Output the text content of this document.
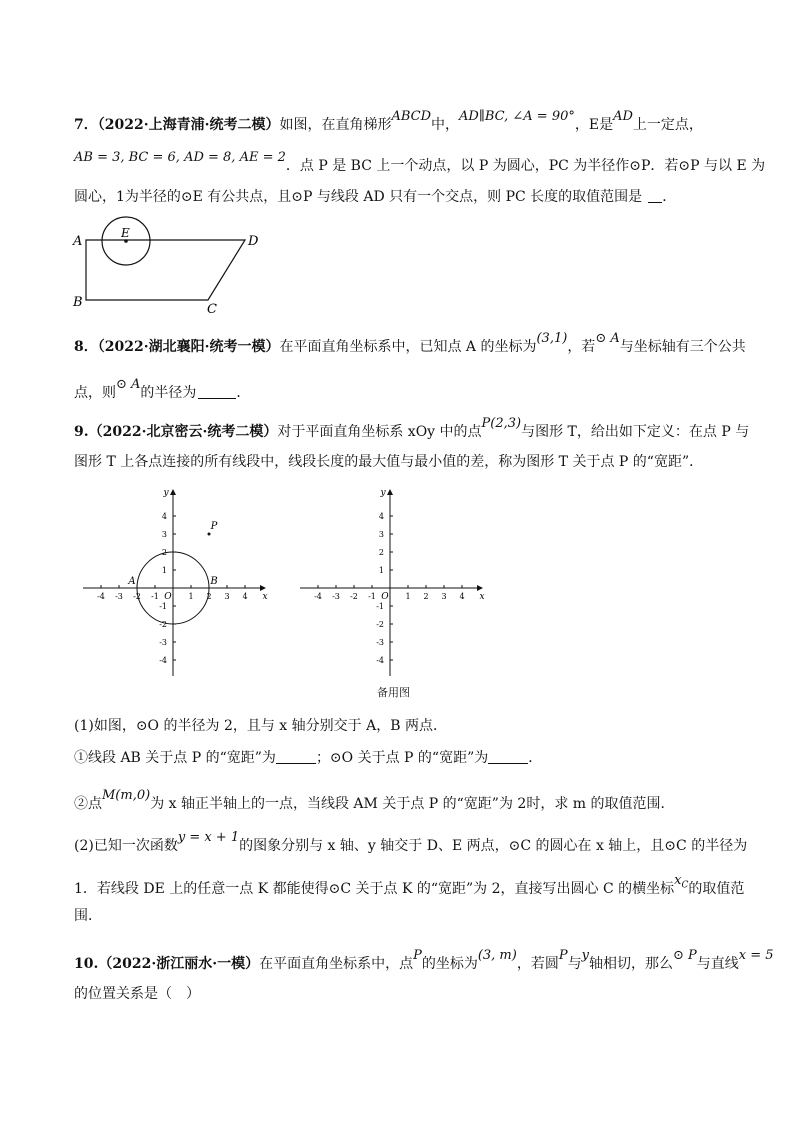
7．（2022·上海青浦·统考二模）如图，在直角梯形ABCD中，AD∥BC, ∠A = 90°，E是AD上一定点，
AB = 3, BC = 6, AD = 8, AE = 2．点 P 是 BC 上一个动点，以 P 为圆心，PC 为半径作⊙P．若⊙P 与以 E 为
圆心，1为半径的⊙E 有公共点，且⊙P 与线段 AD 只有一个交点，则 PC 长度的取值范围是 ．
A	D
B	C
E
8．（2022·湖北襄阳·统考一模）在平面直角坐标系中，已知点 A 的坐标为(3,1)，若⊙ A与坐标轴有三个公共
点，则⊙ A的半径为	．
9.（2022·北京密云·统考二模）对于平面直角坐标系 xOy 中的点P(2,3)与图形 T，给出如下定义：在点 P 与
图形 T 上各点连接的所有线段中，线段长度的最大值与最小值的差，称为图形 T 关于点 P 的“宽距”．
-4 -3 -2 -1	1 2 3 4
4
3
2
1
-1
-2
-3
-4
x
y
O
P
A	B
-4 -3 -2 -1	1 2 3 4
4
3
2
1
-1
-2
-3
-4
x
y
O
备用图
(1)如图，⊙O 的半径为 2，且与 x 轴分别交于 A，B 两点．
①线段 AB 关于点 P 的“宽距”为	；⊙O 关于点 P 的“宽距”为	．
②点M(m,0)为 x 轴正半轴上的一点，当线段 AM 关于点 P 的“宽距”为 2时，求 m 的取值范围．
(2)已知一次函数y = x + 1的图象分别与 x 轴、y 轴交于 D、E 两点，⊙C 的圆心在 x 轴上，且⊙C 的半径为
1．若线段 DE 上的任意一点 K 都能使得⊙C 关于点 K 的“宽距”为 2，直接写出圆心 C 的横坐标$x_C$的取值范
围．
10.（2022·浙江丽水·一模）在平面直角坐标系中，点P的坐标为(3, m)，若圆P与y轴相切，那么⊙ P与直线x = 5
的位置关系是（　）
